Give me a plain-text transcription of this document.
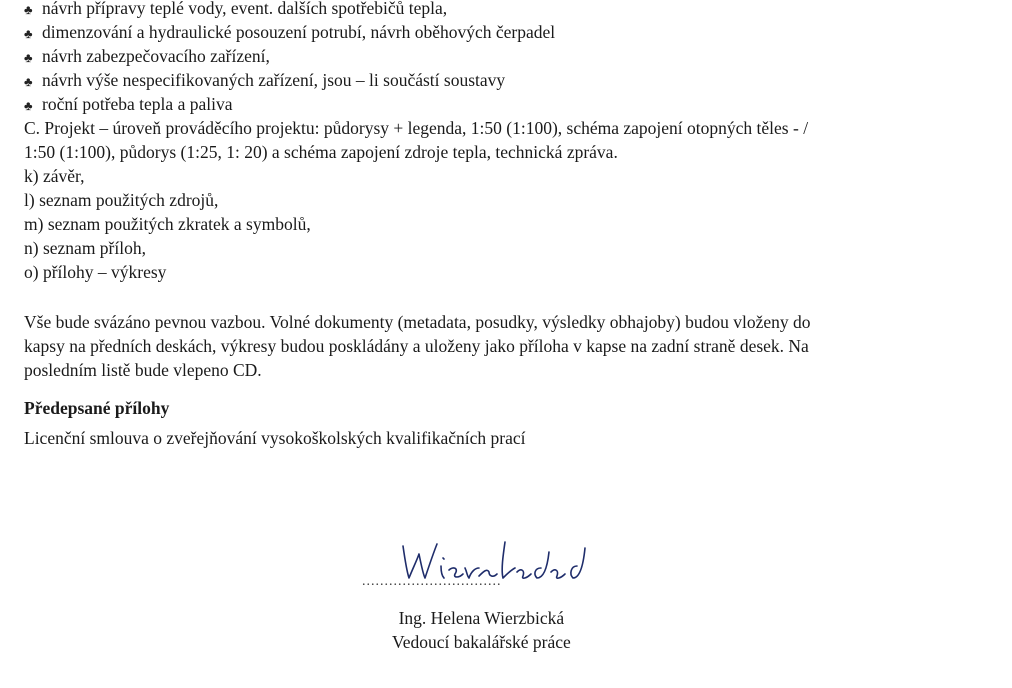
♣ návrh přípravy teplé vody, event. dalších spotřebičů tepla,
♣ dimenzování a hydraulické posouzení potrubí, návrh oběhových čerpadel
♣ návrh zabezpečovacího zařízení,
♣ návrh výše nespecifikovaných zařízení, jsou – li součástí soustavy
♣ roční potřeba tepla a paliva
C. Projekt – úroveň prováděcího projektu: půdorysy + legenda, 1:50 (1:100), schéma zapojení otopných těles - /
1:50 (1:100), půdorys (1:25, 1: 20) a schéma zapojení zdroje tepla, technická zpráva.
k) závěr,
l) seznam použitých zdrojů,
m) seznam použitých zkratek a symbolů,
n) seznam příloh,
o) přílohy – výkresy
Vše bude svázáno pevnou vazbou. Volné dokumenty (metadata, posudky, výsledky obhajoby) budou vloženy do
kapsy na předních deskách, výkresy budou poskládány a uloženy jako příloha v kapse na zadní straně desek. Na
posledním listě bude vlepeno CD.
Předepsané přílohy
Licenční smlouva o zveřejňování vysokoškolských kvalifikačních prací
...............................
Ing. Helena Wierzbická
Vedoucí bakalářské práce
